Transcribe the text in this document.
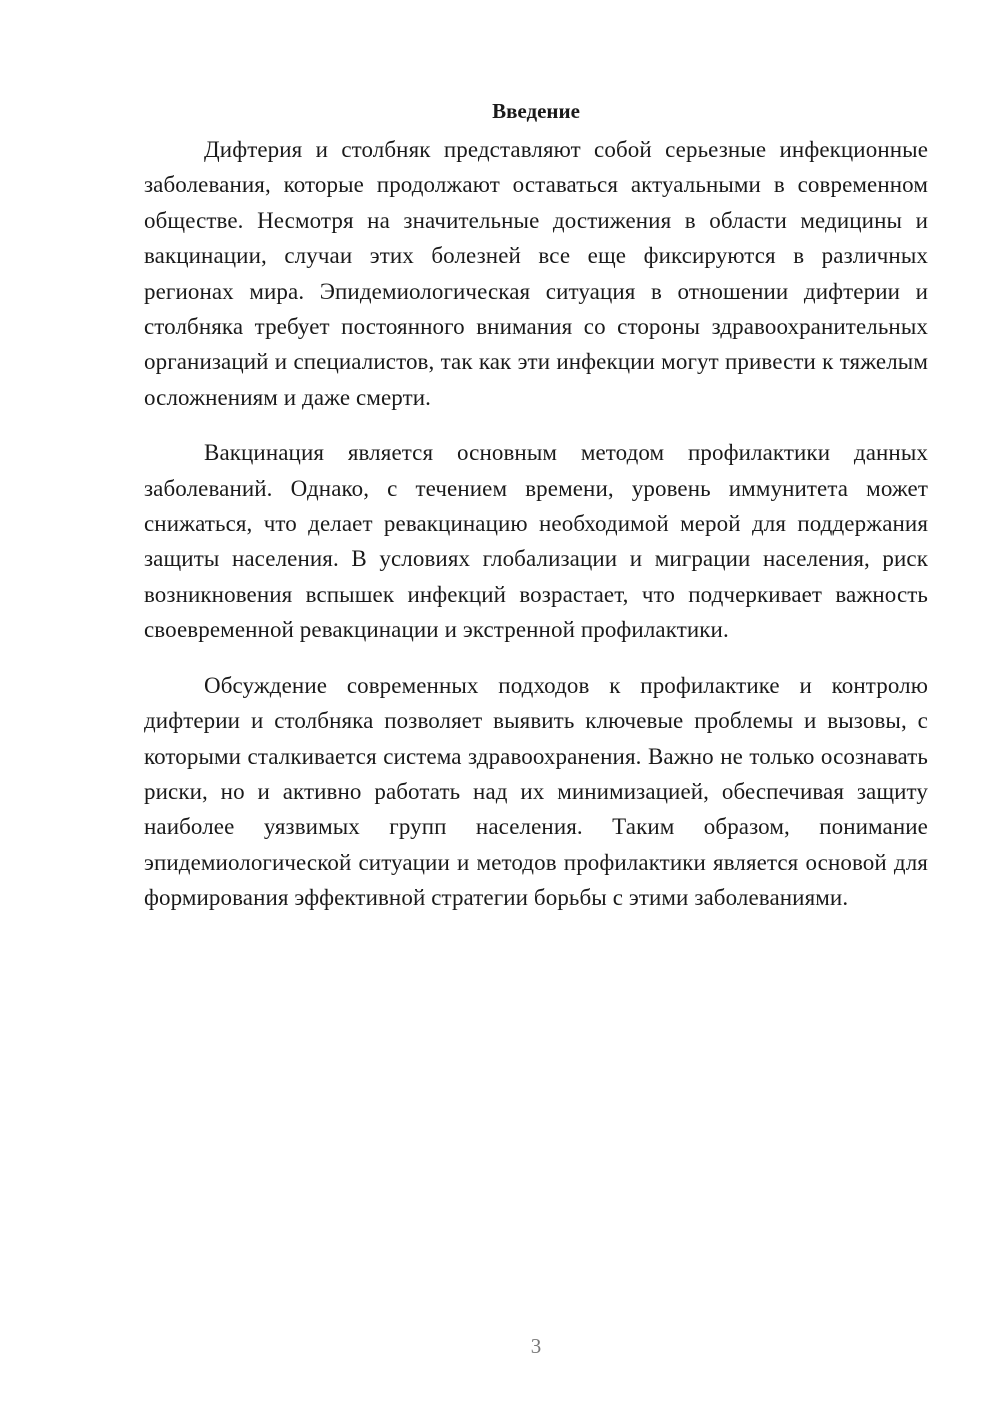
Введение

Дифтерия и столбняк представляют собой серьезные инфекционные заболевания, которые продолжают оставаться актуальными в современном обществе. Несмотря на значительные достижения в области медицины и вакцинации, случаи этих болезней все еще фиксируются в различных регионах мира. Эпидемиологическая ситуация в отношении дифтерии и столбняка требует постоянного внимания со стороны здравоохранительных организаций и специалистов, так как эти инфекции могут привести к тяжелым осложнениям и даже смерти.

Вакцинация является основным методом профилактики данных заболеваний. Однако, с течением времени, уровень иммунитета может снижаться, что делает ревакцинацию необходимой мерой для поддержания защиты населения. В условиях глобализации и миграции населения, риск возникновения вспышек инфекций возрастает, что подчеркивает важность своевременной ревакцинации и экстренной профилактики.

Обсуждение современных подходов к профилактике и контролю дифтерии и столбняка позволяет выявить ключевые проблемы и вызовы, с которыми сталкивается система здравоохранения. Важно не только осознавать риски, но и активно работать над их минимизацией, обеспечивая защиту наиболее уязвимых групп населения. Таким образом, понимание эпидемиологической ситуации и методов профилактики является основой для формирования эффективной стратегии борьбы с этими заболеваниями.

3
